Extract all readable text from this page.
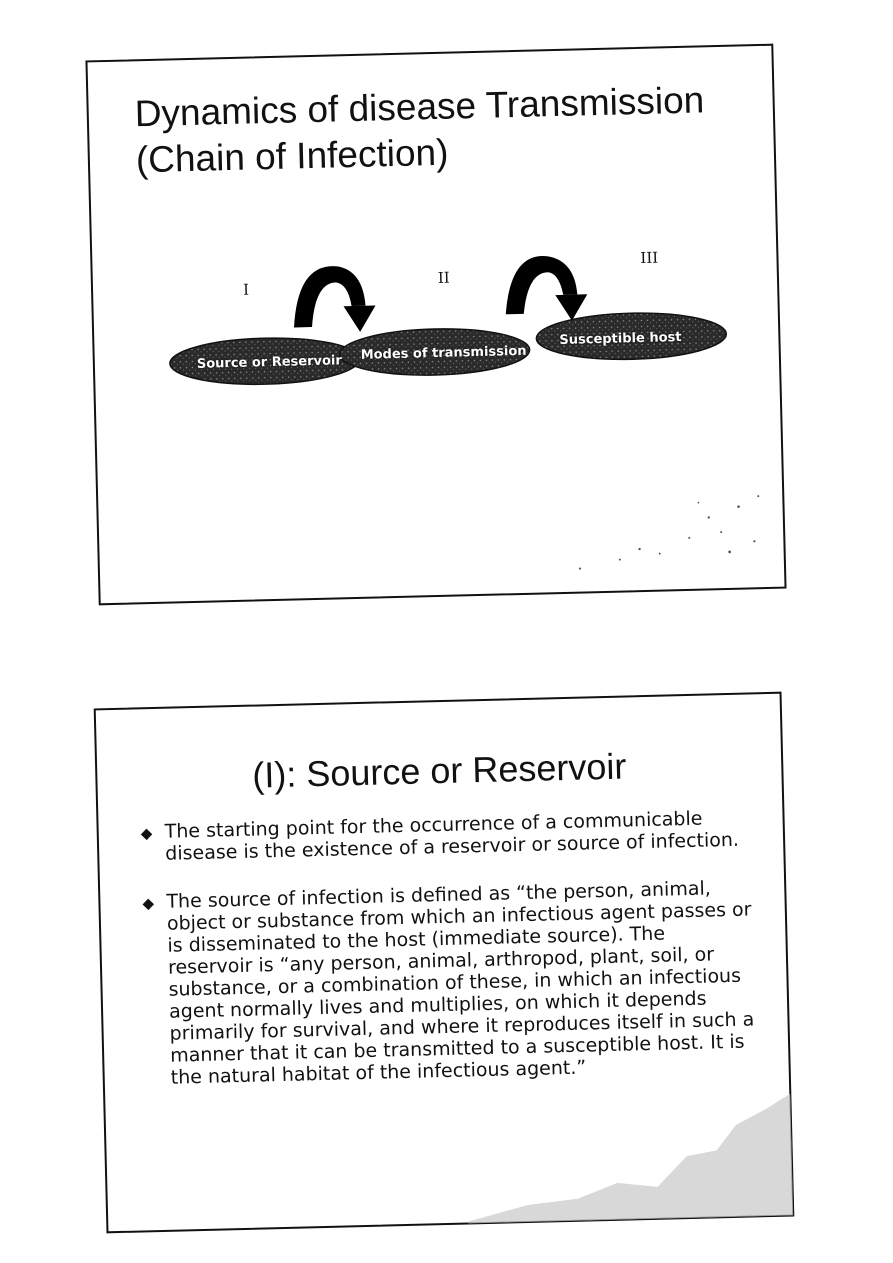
Dynamics of disease Transmission
(Chain of Infection)
I
II
III
Source or Reservoir Modes of transmission
Susceptible host
(I): Source or Reservoir
◆ The starting point for the occurrence of a communicable disease is the existence of a reservoir or source of infection.
◆ The source of infection is defined as “the person, animal, object or substance from which an infectious agent passes or is disseminated to the host (immediate source). The reservoir is “any person, animal, arthropod, plant, soil, or substance, or a combination of these, in which an infectious agent normally lives and multiplies, on which it depends primarily for survival, and where it reproduces itself in such a manner that it can be transmitted to a susceptible host. It is the natural habitat of the infectious agent.”
